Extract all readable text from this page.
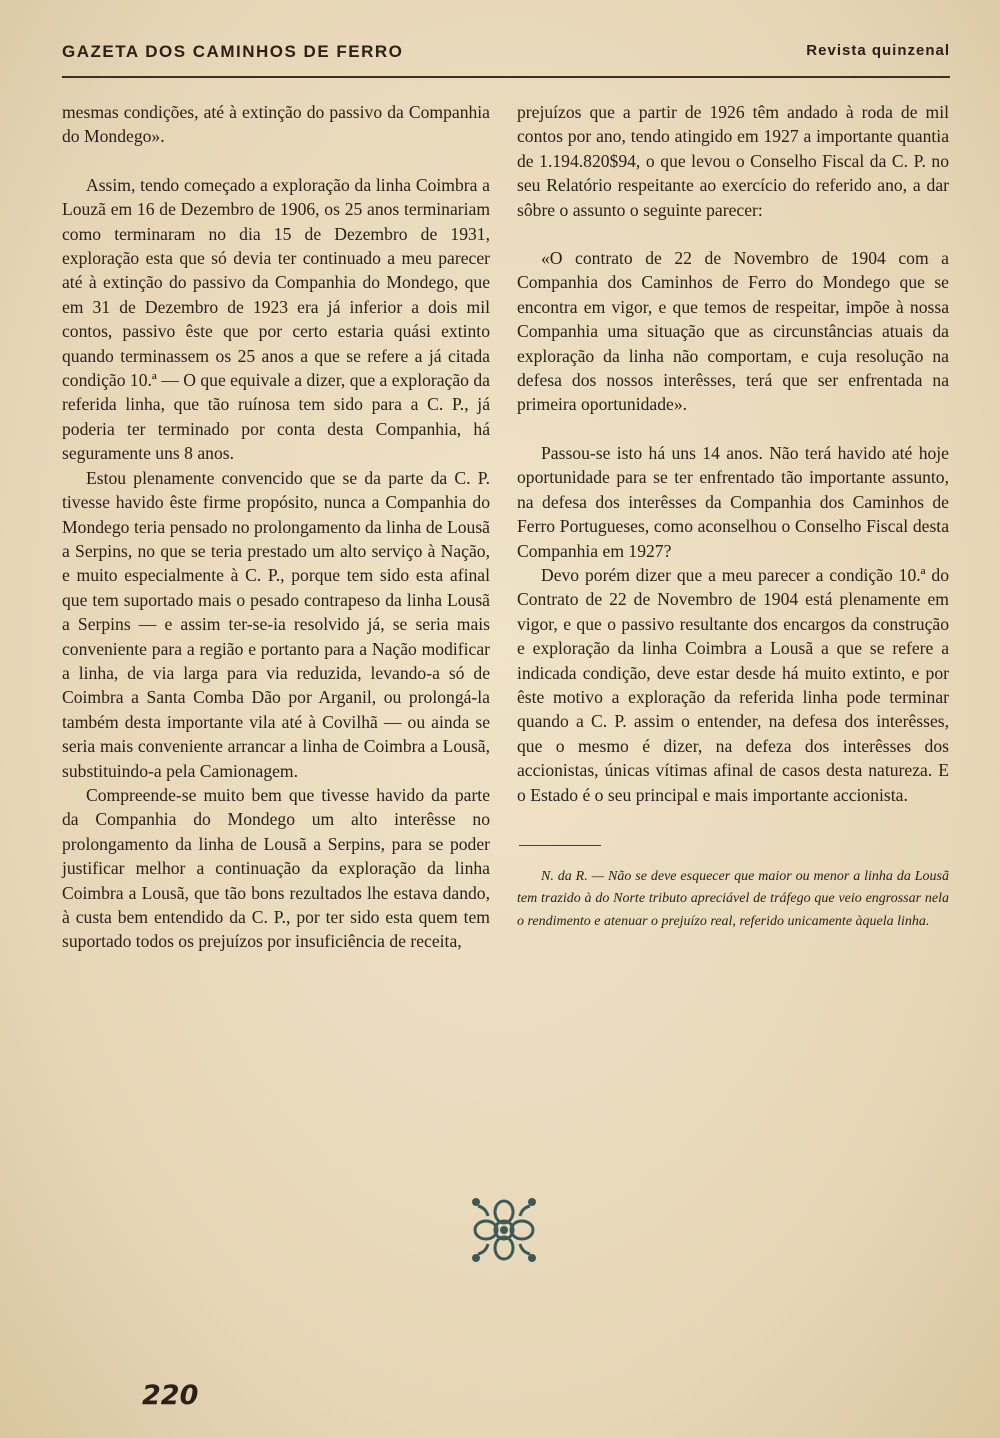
GAZETA DOS CAMINHOS DE FERRO	Revista quinzenal

mesmas condições, até à extinção do passivo da Companhia do Mondego».

Assim, tendo começado a exploração da linha Coimbra a Louzã em 16 de Dezembro de 1906, os 25 anos terminariam como terminaram no dia 15 de Dezembro de 1931, exploração esta que só devia ter continuado a meu parecer até à extinção do passivo da Companhia do Mondego, que em 31 de Dezembro de 1923 era já inferior a dois mil contos, passivo êste que por certo estaria quási extinto quando terminassem os 25 anos a que se refere a já citada condição 10.ª — O que equivale a dizer, que a exploração da referida linha, que tão ruínosa tem sido para a C. P., já poderia ter terminado por conta desta Companhia, há seguramente uns 8 anos.

Estou plenamente convencido que se da parte da C. P. tivesse havido êste firme propósito, nunca a Companhia do Mondego teria pensado no prolongamento da linha de Lousã a Serpins, no que se teria prestado um alto serviço à Nação, e muito especialmente à C. P., porque tem sido esta afinal que tem suportado mais o pesado contrapeso da linha Lousã a Serpins — e assim ter-se-ia resolvido já, se seria mais conveniente para a região e portanto para a Nação modificar a linha, de via larga para via reduzida, levando-a só de Coimbra a Santa Comba Dão por Arganil, ou prolongá-la também desta importante vila até à Covilhã — ou ainda se seria mais conveniente arrancar a linha de Coimbra a Lousã, substituindo-a pela Camionagem.

Compreende-se muito bem que tivesse havido da parte da Companhia do Mondego um alto interêsse no prolongamento da linha de Lousã a Serpins, para se poder justificar melhor a continuação da exploração da linha Coimbra a Lousã, que tão bons rezultados lhe estava dando, à custa bem entendido da C. P., por ter sido esta quem tem suportado todos os prejuízos por insuficiência de receita,

prejuízos que a partir de 1926 têm andado à roda de mil contos por ano, tendo atingido em 1927 a importante quantia de 1.194.820$94, o que levou o Conselho Fiscal da C. P. no seu Relatório respeitante ao exercício do referido ano, a dar sôbre o assunto o seguinte parecer:

«O contrato de 22 de Novembro de 1904 com a Companhia dos Caminhos de Ferro do Mondego que se encontra em vigor, e que temos de respeitar, impõe à nossa Companhia uma situação que as circunstâncias atuais da exploração da linha não comportam, e cuja resolução na defesa dos nossos interêsses, terá que ser enfrentada na primeira oportunidade».

Passou-se isto há uns 14 anos. Não terá havido até hoje oportunidade para se ter enfrentado tão importante assunto, na defesa dos interêsses da Companhia dos Caminhos de Ferro Portugueses, como aconselhou o Conselho Fiscal desta Companhia em 1927?

Devo porém dizer que a meu parecer a condição 10.ª do Contrato de 22 de Novembro de 1904 está plenamente em vigor, e que o passivo resultante dos encargos da construção e exploração da linha Coimbra a Lousã a que se refere a indicada condição, deve estar desde há muito extinto, e por êste motivo a exploração da referida linha pode terminar quando a C. P. assim o entender, na defesa dos interêsses, que o mesmo é dizer, na defeza dos interêsses dos accionistas, únicas vítimas afinal de casos desta natureza. E o Estado é o seu principal e mais importante accionista.

N. da R. — Não se deve esquecer que maior ou menor a linha da Lousã tem trazido à do Norte tributo apreciável de tráfego que veio engrossar nela o rendimento e atenuar o prejuízo real, referido unicamente àquela linha.

220
